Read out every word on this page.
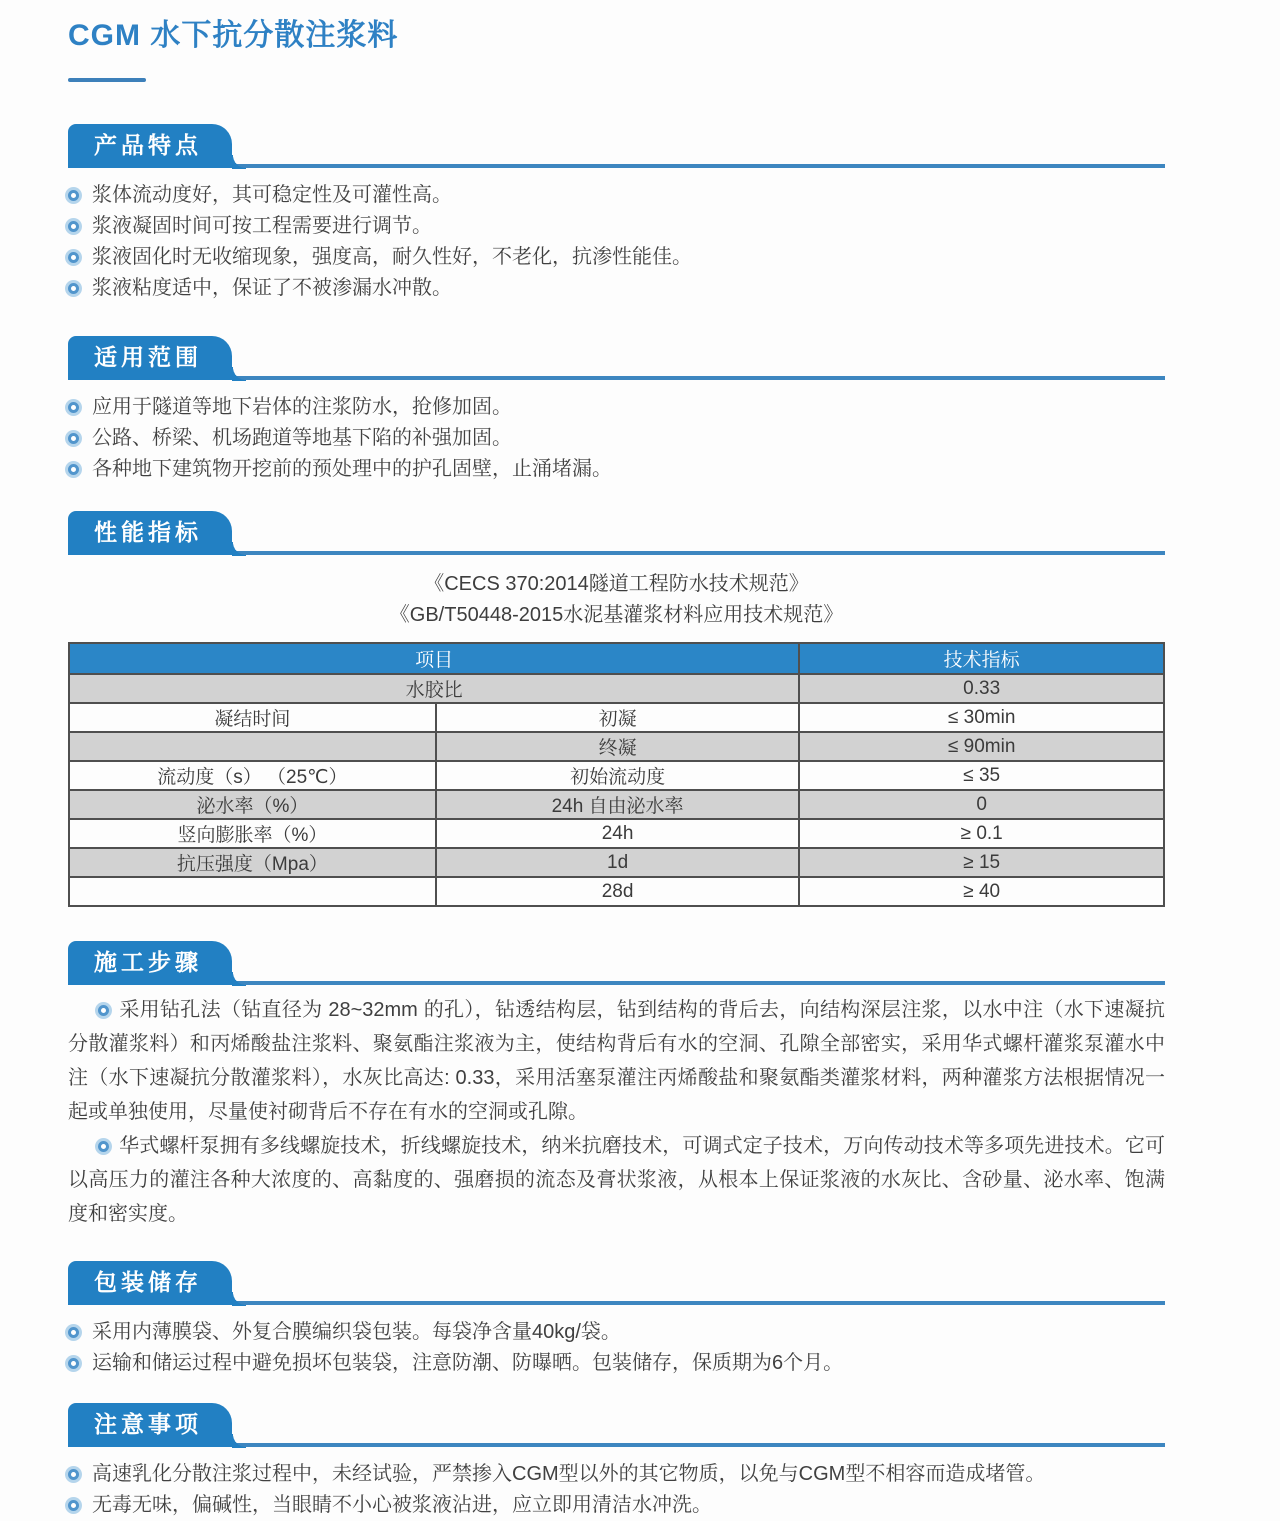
CGM 水下抗分散注浆料
产品特点
浆体流动度好，其可稳定性及可灌性高。
浆液凝固时间可按工程需要进行调节。
浆液固化时无收缩现象，强度高，耐久性好，不老化，抗渗性能佳。
浆液粘度适中，保证了不被渗漏水冲散。
适用范围
应用于隧道等地下岩体的注浆防水，抢修加固。
公路、桥梁、机场跑道等地基下陷的补强加固。
各种地下建筑物开挖前的预处理中的护孔固壁，止涌堵漏。
性能指标
《CECS 370:2014隧道工程防水技术规范》
《GB/T50448-2015水泥基灌浆材料应用技术规范》
项目		技术指标
水胶比		0.33
凝结时间	初凝	≤ 30min
	终凝	≤ 90min
流动度（s） （25℃）	初始流动度	≤ 35
泌水率（%）	24h 自由泌水率	0
竖向膨胀率（%）	24h	≥ 0.1
抗压强度（Mpa）	1d	≥ 15
	28d	≥ 40
施工步骤

采用钻孔法（钻直径为 28~32mm 的孔），钻透结构层，钻到结构的背后去，向结构深层注浆，以水中注（水下速凝抗分散灌浆料）和丙烯酸盐注浆料、聚氨酯注浆液为主，使结构背后有水的空洞、孔隙全部密实，采用华式螺杆灌浆泵灌水中注（水下速凝抗分散灌浆料），水灰比高达: 0.33，采用活塞泵灌注丙烯酸盐和聚氨酯类灌浆材料，两种灌浆方法根据情况一起或单独使用，尽量使衬砌背后不存在有水的空洞或孔隙。

华式螺杆泵拥有多线螺旋技术，折线螺旋技术，纳米抗磨技术，可调式定子技术，万向传动技术等多项先进技术。它可以高压力的灌注各种大浓度的、高黏度的、强磨损的流态及膏状浆液，从根本上保证浆液的水灰比、含砂量、泌水率、饱满度和密实度。

包装储存
采用内薄膜袋、外复合膜编织袋包装。每袋净含量40kg/袋。
运输和储运过程中避免损坏包装袋，注意防潮、防曝晒。包装储存，保质期为6个月。
注意事项
高速乳化分散注浆过程中，未经试验，严禁掺入CGM型以外的其它物质，以免与CGM型不相容而造成堵管。
无毒无味，偏碱性，当眼睛不小心被浆液沾进，应立即用清洁水冲洗。
